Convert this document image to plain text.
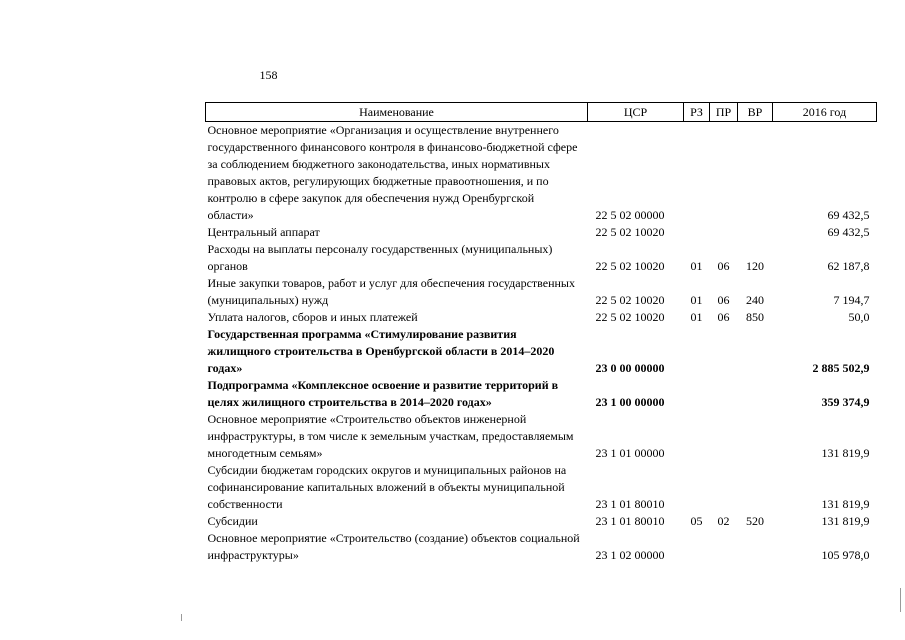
158
Наименование	ЦСР	РЗ	ПР	ВР	2016 год
Основное мероприятие «Организация и осуществление внутреннего государственного финансового контроля в финансово-бюджетной сфере за соблюдением бюджетного законодательства, иных нормативных правовых актов, регулирующих бюджетные правоотношения, и по контролю в сфере закупок для обеспечения нужд Оренбургской области»	22 5 02 00000				69 432,5
Центральный аппарат	22 5 02 10020				69 432,5
Расходы на выплаты персоналу государственных (муниципальных) органов	22 5 02 10020	01	06	120	62 187,8
Иные закупки товаров, работ и услуг для обеспечения государственных (муниципальных) нужд	22 5 02 10020	01	06	240	7 194,7
Уплата налогов, сборов и иных платежей	22 5 02 10020	01	06	850	50,0
Государственная программа «Стимулирование развития жилищного строительства в Оренбургской области в 2014–2020 годах»	23 0 00 00000				2 885 502,9
Подпрограмма «Комплексное освоение и развитие территорий в целях жилищного строительства в 2014–2020 годах»	23 1 00 00000				359 374,9
Основное мероприятие «Строительство объектов инженерной инфраструктуры, в том числе к земельным участкам, предоставляемым многодетным семьям»	23 1 01 00000				131 819,9
Субсидии бюджетам городских округов и муниципальных районов на софинансирование капитальных вложений в объекты муниципальной собственности	23 1 01 80010				131 819,9
Субсидии	23 1 01 80010	05	02	520	131 819,9
Основное мероприятие «Строительство (создание) объектов социальной инфраструктуры»	23 1 02 00000				105 978,0
